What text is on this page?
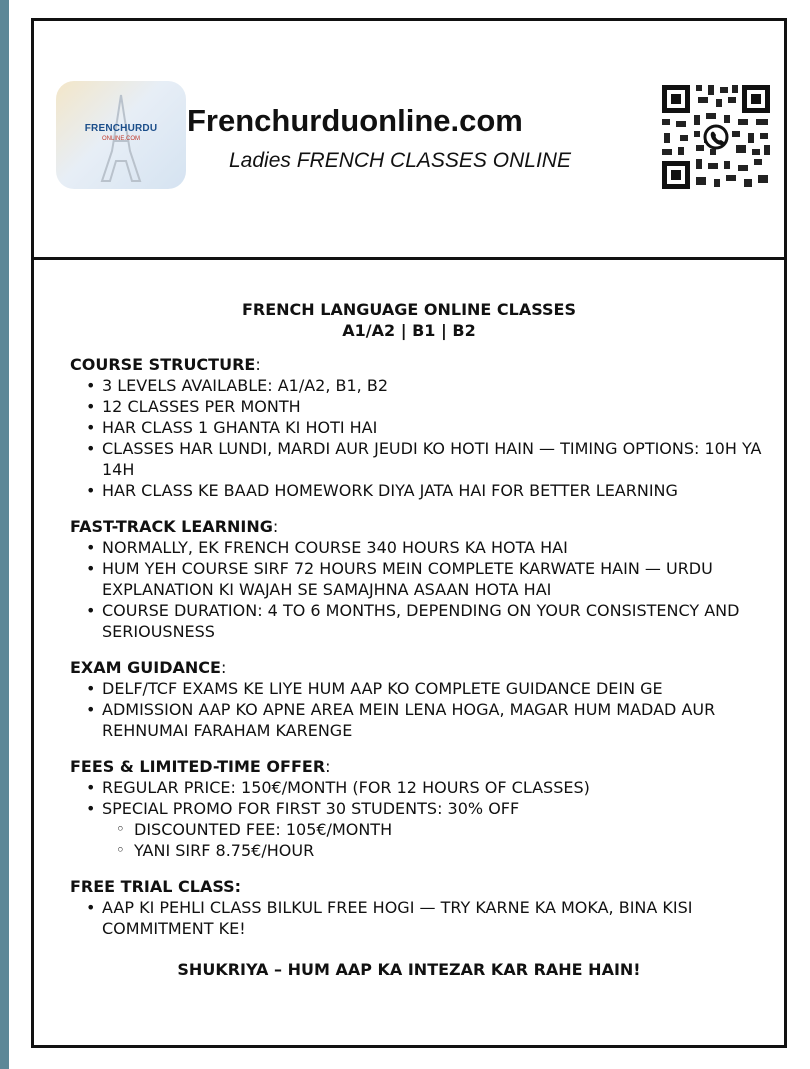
FRENCHURDU
ONLINE.COM
Frenchurduonline.com
Ladies FRENCH CLASSES ONLINE
FRENCH LANGUAGE ONLINE CLASSES
A1/A2 | B1 | B2
COURSE STRUCTURE:
• 3 LEVELS AVAILABLE: A1/A2, B1, B2
• 12 CLASSES PER MONTH
• HAR CLASS 1 GHANTA KI HOTI HAI
• CLASSES HAR LUNDI, MARDI AUR JEUDI KO HOTI HAIN — TIMING OPTIONS: 10H YA 14H
• HAR CLASS KE BAAD HOMEWORK DIYA JATA HAI FOR BETTER LEARNING
FAST-TRACK LEARNING:
• NORMALLY, EK FRENCH COURSE 340 HOURS KA HOTA HAI
• HUM YEH COURSE SIRF 72 HOURS MEIN COMPLETE KARWATE HAIN — URDU EXPLANATION KI WAJAH SE SAMAJHNA ASAAN HOTA HAI
• COURSE DURATION: 4 TO 6 MONTHS, DEPENDING ON YOUR CONSISTENCY AND SERIOUSNESS
EXAM GUIDANCE:
• DELF/TCF EXAMS KE LIYE HUM AAP KO COMPLETE GUIDANCE DEIN GE
• ADMISSION AAP KO APNE AREA MEIN LENA HOGA, MAGAR HUM MADAD AUR REHNUMAI FARAHAM KARENGE
FEES & LIMITED-TIME OFFER:
• REGULAR PRICE: 150€/MONTH (FOR 12 HOURS OF CLASSES)
• SPECIAL PROMO FOR FIRST 30 STUDENTS: 30% OFF
◦ DISCOUNTED FEE: 105€/MONTH
◦ YANI SIRF 8.75€/HOUR
FREE TRIAL CLASS:
• AAP KI PEHLI CLASS BILKUL FREE HOGI — TRY KARNE KA MOKA, BINA KISI COMMITMENT KE!
SHUKRIYA – HUM AAP KA INTEZAR KAR RAHE HAIN!
